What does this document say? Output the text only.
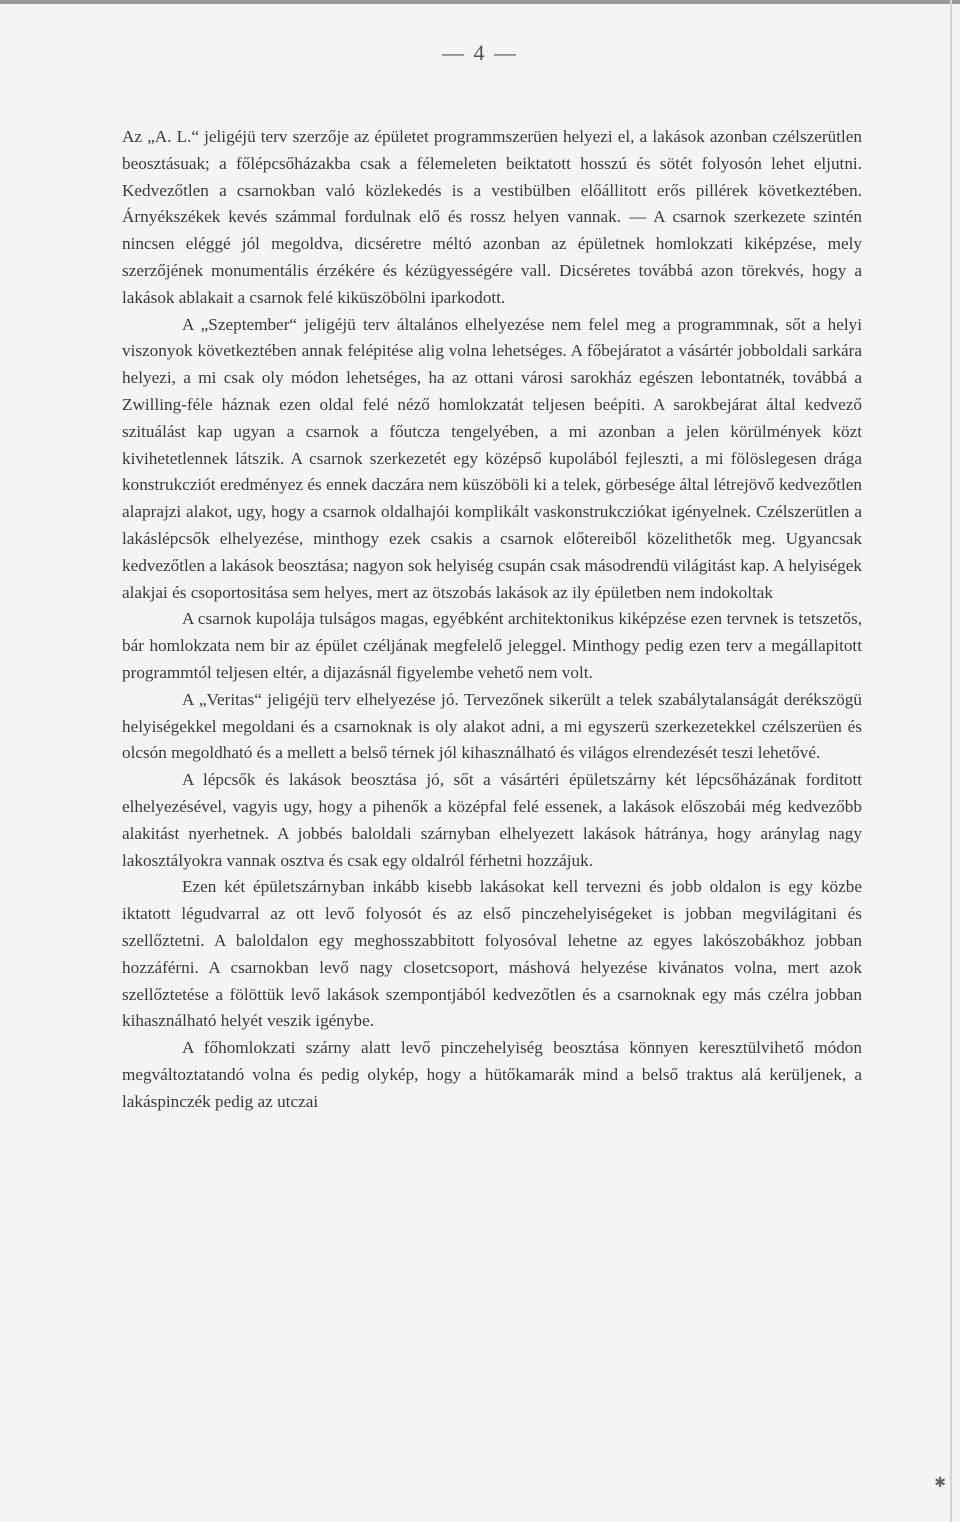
— 4 —

Az „A. L.“ jeligéjü terv szerzője az épületet programmszerüen helyezi el, a lakások azonban czélszerütlen beosztásuak; a főlépcsőházakba csak a félemeleten beiktatott hosszú és sötét folyosón lehet eljutni. Kedvezőtlen a csarnokban való közlekedés is a vestibülben előállitott erős pillérek következtében. Árnyékszékek kevés számmal fordulnak elő és rossz helyen vannak. — A csarnok szerkezete szintén nincsen eléggé jól megoldva, dicséretre méltó azonban az épületnek homlokzati kiképzése, mely szerzőjének monumentális érzékére és kézügyességére vall. Dicséretes továbbá azon törekvés, hogy a lakások ablakait a csarnok felé kiküszöbölni iparkodott.

A „Szeptember“ jeligéjü terv általános elhelyezése nem felel meg a programmnak, sőt a helyi viszonyok következtében annak felépitése alig volna lehetséges. A főbejáratot a vásártér jobboldali sarkára helyezi, a mi csak oly módon lehetséges, ha az ottani városi sarokház egészen lebontatnék, továbbá a Zwilling-féle háznak ezen oldal felé néző homlokzatát teljesen beépiti. A sarokbejárat által kedvező szituálást kap ugyan a csarnok a főutcza tengelyében, a mi azonban a jelen körülmények közt kivihetetlennek látszik. A csarnok szerkezetét egy középső kupolából fejleszti, a mi fölöslegesen drága konstrukcziót eredményez és ennek daczára nem küszöböli ki a telek, görbesége által létrejövő kedvezőtlen alaprajzi alakot, ugy, hogy a csarnok oldalhajói komplikált vaskonstrukcziókat igényelnek. Czélszerütlen a lakáslépcsők elhelyezése, minthogy ezek csakis a csarnok előtereiből közelithetők meg. Ugyancsak kedvezőtlen a lakások beosztása; nagyon sok helyiség csupán csak másodrendü világitást kap. A helyiségek alakjai és csoportositása sem helyes, mert az ötszobás lakások az ily épületben nem indokoltak

A csarnok kupolája tulságos magas, egyébként architektonikus kiképzése ezen tervnek is tetszetős, bár homlokzata nem bir az épület czéljának megfelelő jeleggel. Minthogy pedig ezen terv a megállapitott programmtól teljesen eltér, a dijazásnál figyelembe vehető nem volt.

A „Veritas“ jeligéjü terv elhelyezése jó. Tervezőnek sikerült a telek szabálytalanságát derékszögü helyiségekkel megoldani és a csarnoknak is oly alakot adni, a mi egyszerü szerkezetekkel czélszerüen és olcsón megoldható és a mellett a belső térnek jól kihasználható és világos elrendezését teszi lehetővé.

A lépcsők és lakások beosztása jó, sőt a vásártéri épületszárny két lépcsőházának forditott elhelyezésével, vagyis ugy, hogy a pihenők a középfal felé essenek, a lakások előszobái még kedvezőbb alakitást nyerhetnek. A jobbés baloldali szárnyban elhelyezett lakások hátránya, hogy aránylag nagy lakosztályokra vannak osztva és csak egy oldalról férhetni hozzájuk.

Ezen két épületszárnyban inkább kisebb lakásokat kell tervezni és jobb oldalon is egy közbe iktatott légudvarral az ott levő folyosót és az első pinczehelyiségeket is jobban megvilágitani és szellőztetni. A baloldalon egy meghosszabbitott folyosóval lehetne az egyes lakószobákhoz jobban hozzáférni. A csarnokban levő nagy closetcsoport, máshová helyezése kivánatos volna, mert azok szellőztetése a fölöttük levő lakások szempontjából kedvezőtlen és a csarnoknak egy más czélra jobban kihasználható helyét veszik igénybe.

A főhomlokzati szárny alatt levő pinczehelyiség beosztása könnyen keresztülvihető módon megváltoztatandó volna és pedig olykép, hogy a hütőkamarák mind a belső traktus alá kerüljenek, a lakáspinczék pedig az utczai

✱
